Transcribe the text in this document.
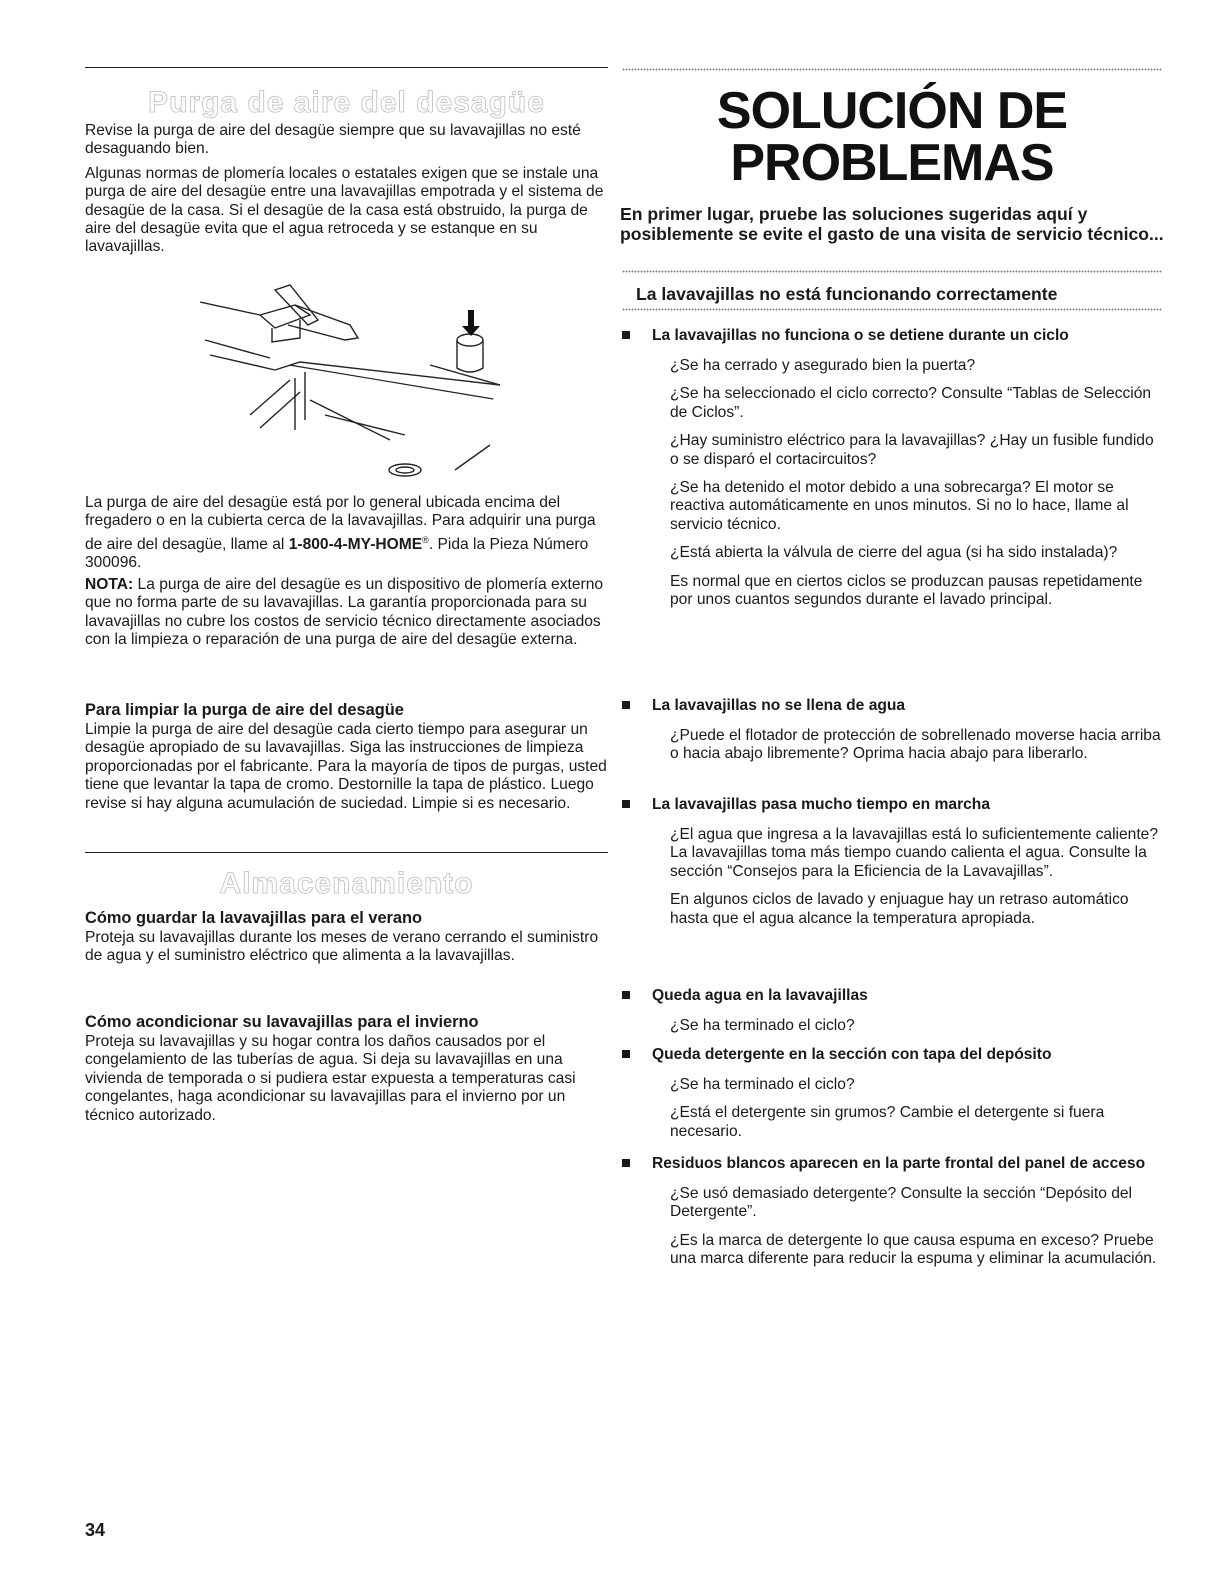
Purga de aire del desagüe

Revise la purga de aire del desagüe siempre que su lavavajillas no esté desaguando bien.

Algunas normas de plomería locales o estatales exigen que se instale una purga de aire del desagüe entre una lavavajillas empotrada y el sistema de desagüe de la casa. Si el desagüe de la casa está obstruido, la purga de aire del desagüe evita que el agua retroceda y se estanque en su lavavajillas.

La purga de aire del desagüe está por lo general ubicada encima del fregadero o en la cubierta cerca de la lavavajillas. Para adquirir una purga de aire del desagüe, llame al 1-800-4-MY-HOME®. Pida la Pieza Número 300096.

NOTA: La purga de aire del desagüe es un dispositivo de plomería externo que no forma parte de su lavavajillas. La garantía proporcionada para su lavavajillas no cubre los costos de servicio técnico directamente asociados con la limpieza o reparación de una purga de aire del desagüe externa.

Para limpiar la purga de aire del desagüe

Limpie la purga de aire del desagüe cada cierto tiempo para asegurar un desagüe apropiado de su lavavajillas. Siga las instrucciones de limpieza proporcionadas por el fabricante. Para la mayoría de tipos de purgas, usted tiene que levantar la tapa de cromo. Destornille la tapa de plástico. Luego revise si hay alguna acumulación de suciedad. Limpie si es necesario.

Almacenamiento
Cómo guardar la lavavajillas para el verano

Proteja su lavavajillas durante los meses de verano cerrando el suministro de agua y el suministro eléctrico que alimenta a la lavavajillas.

Cómo acondicionar su lavavajillas para el invierno

Proteja su lavavajillas y su hogar contra los daños causados por el congelamiento de las tuberías de agua. Si deja su lavavajillas en una vivienda de temporada o si pudiera estar expuesta a temperaturas casi congelantes, haga acondicionar su lavavajillas para el invierno por un técnico autorizado.

SOLUCIÓN DE
PROBLEMAS
En primer lugar, pruebe las soluciones sugeridas aquí y posiblemente se evite el gasto de una visita de servicio técnico...
La lavavajillas no está funcionando correctamente
La lavavajillas no funciona o se detiene durante un ciclo

¿Se ha cerrado y asegurado bien la puerta?

¿Se ha seleccionado el ciclo correcto? Consulte “Tablas de Selección de Ciclos”.

¿Hay suministro eléctrico para la lavavajillas? ¿Hay un fusible fundido o se disparó el cortacircuitos?

¿Se ha detenido el motor debido a una sobrecarga? El motor se reactiva automáticamente en unos minutos. Si no lo hace, llame al servicio técnico.

¿Está abierta la válvula de cierre del agua (si ha sido instalada)?

Es normal que en ciertos ciclos se produzcan pausas repetidamente por unos cuantos segundos durante el lavado principal.

La lavavajillas no se llena de agua

¿Puede el flotador de protección de sobrellenado moverse hacia arriba o hacia abajo libremente? Oprima hacia abajo para liberarlo.

La lavavajillas pasa mucho tiempo en marcha

¿El agua que ingresa a la lavavajillas está lo suficientemente caliente? La lavavajillas toma más tiempo cuando calienta el agua. Consulte la sección “Consejos para la Eficiencia de la Lavavajillas”.

En algunos ciclos de lavado y enjuague hay un retraso automático hasta que el agua alcance la temperatura apropiada.

Queda agua en la lavavajillas

¿Se ha terminado el ciclo?

Queda detergente en la sección con tapa del depósito

¿Se ha terminado el ciclo?

¿Está el detergente sin grumos? Cambie el detergente si fuera necesario.

Residuos blancos aparecen en la parte frontal del panel de acceso

¿Se usó demasiado detergente? Consulte la sección “Depósito del Detergente”.

¿Es la marca de detergente lo que causa espuma en exceso? Pruebe una marca diferente para reducir la espuma y eliminar la acumulación.

34
